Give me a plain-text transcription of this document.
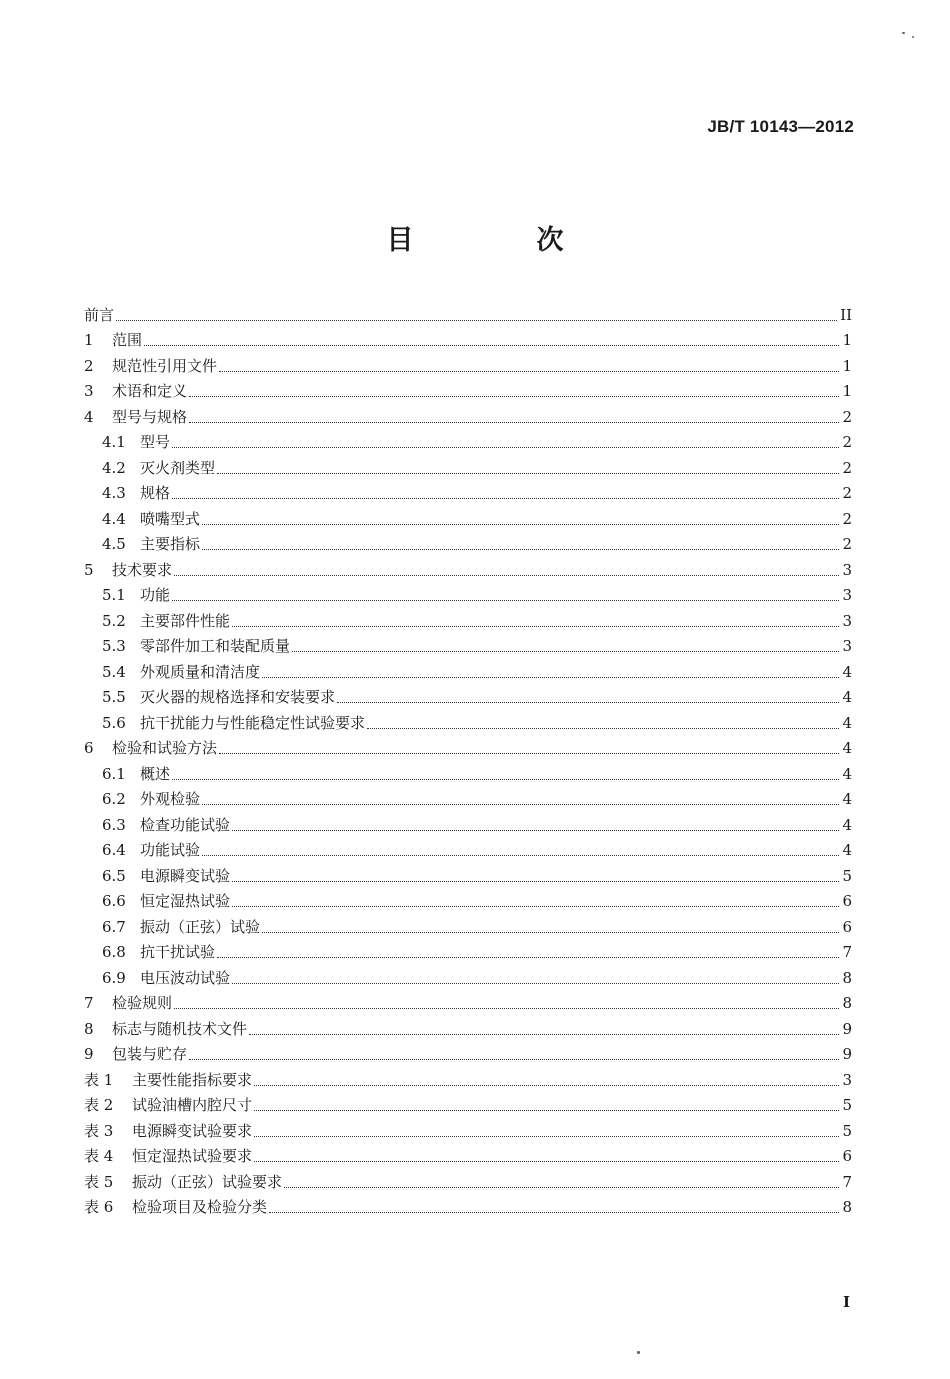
JB/T 10143—2012
目　次
前言	II
1	范围	1
2	规范性引用文件	1
3	术语和定义	1
4	型号与规格	2
4.1 型号	2
4.2 灭火剂类型	2
4.3 规格	2
4.4 喷嘴型式	2
4.5 主要指标	2
5	技术要求	3
5.1 功能	3
5.2 主要部件性能	3
5.3 零部件加工和装配质量	3
5.4 外观质量和清洁度	4
5.5 灭火器的规格选择和安装要求	4
5.6 抗干扰能力与性能稳定性试验要求	4
6	检验和试验方法	4
6.1 概述	4
6.2 外观检验	4
6.3 检查功能试验	4
6.4 功能试验	4
6.5 电源瞬变试验	5
6.6 恒定湿热试验	6
6.7 振动（正弦）试验	6
6.8 抗干扰试验	7
6.9 电压波动试验	8
7	检验规则	8
8	标志与随机技术文件	9
9	包装与贮存	9
表 1	主要性能指标要求	3
表 2	试验油槽内腔尺寸	5
表 3	电源瞬变试验要求	5
表 4	恒定湿热试验要求	6
表 5	振动（正弦）试验要求	7
表 6	检验项目及检验分类	8
I
